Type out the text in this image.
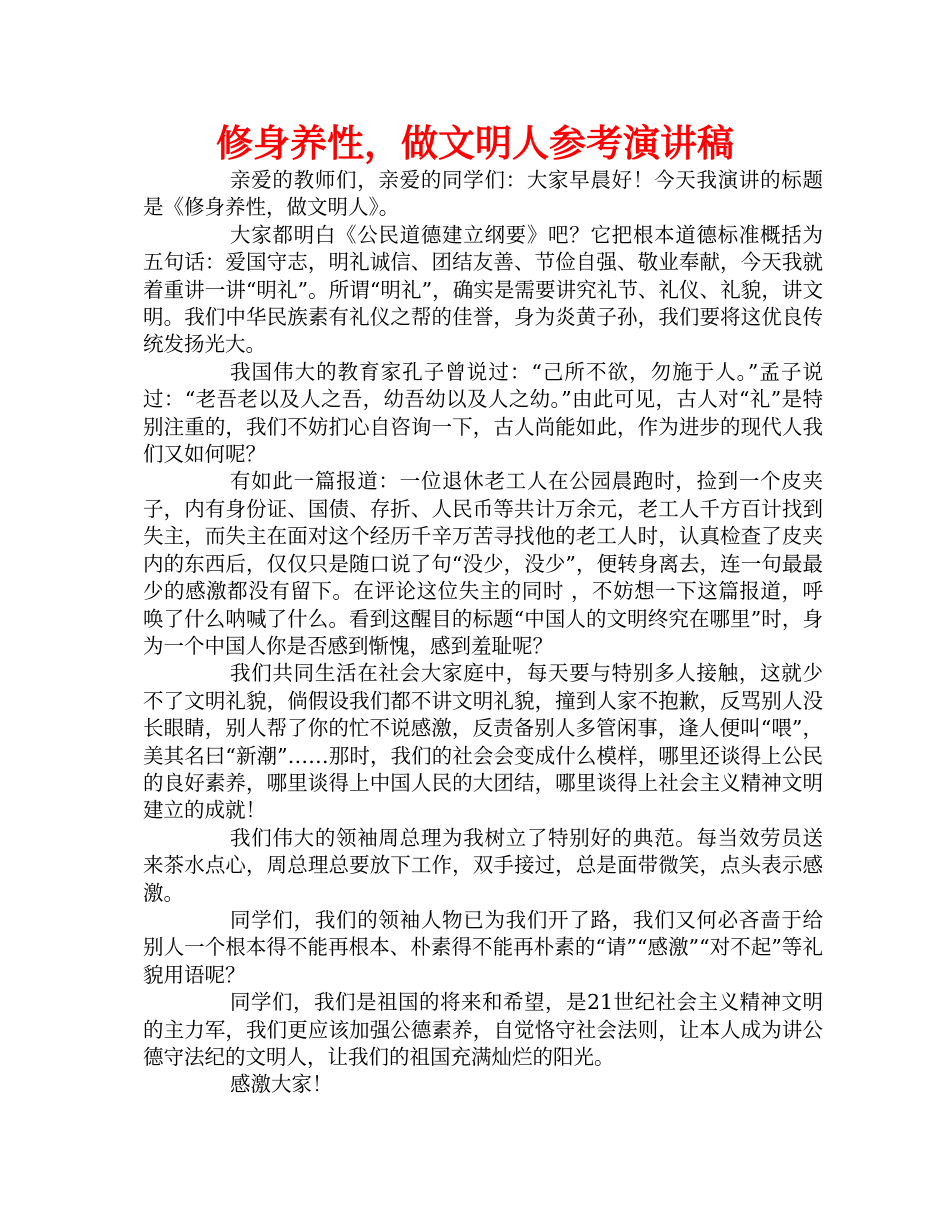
修身养性，做文明人参考演讲稿

亲爱的教师们，亲爱的同学们：大家早晨好！今天我演讲的标题是《修身养性，做文明人》。

大家都明白《公民道德建立纲要》吧？它把根本道德标准概括为五句话：爱国守志，明礼诚信、团结友善、节俭自强、敬业奉献，今天我就着重讲一讲“明礼”。所谓“明礼”，确实是需要讲究礼节、礼仪、礼貌，讲文明。我们中华民族素有礼仪之帮的佳誉，身为炎黄子孙，我们要将这优良传统发扬光大。

我国伟大的教育家孔子曾说过：“己所不欲，勿施于人。”孟子说过：“老吾老以及人之吾，幼吾幼以及人之幼。”由此可见，古人对“礼”是特别注重的，我们不妨扪心自咨询一下，古人尚能如此，作为进步的现代人我们又如何呢？

有如此一篇报道：一位退休老工人在公园晨跑时，捡到一个皮夹子，内有身份证、国债、存折、人民币等共计万余元，老工人千方百计找到失主，而失主在面对这个经历千辛万苦寻找他的老工人时，认真检查了皮夹内的东西后，仅仅只是随口说了句“没少，没少”，便转身离去，连一句最最少的感激都没有留下。在评论这位失主的同时 ，不妨想一下这篇报道，呼唤了什么呐喊了什么。看到这醒目的标题“中国人的文明终究在哪里”时，身为一个中国人你是否感到惭愧，感到羞耻呢？

我们共同生活在社会大家庭中，每天要与特别多人接触，这就少不了文明礼貌，倘假设我们都不讲文明礼貌，撞到人家不抱歉，反骂别人没长眼睛，别人帮了你的忙不说感激，反责备别人多管闲事，逢人便叫“喂”，美其名曰“新潮”……那时，我们的社会会变成什么模样，哪里还谈得上公民的良好素养，哪里谈得上中国人民的大团结，哪里谈得上社会主义精神文明建立的成就！

我们伟大的领袖周总理为我树立了特别好的典范。每当效劳员送来茶水点心，周总理总要放下工作，双手接过，总是面带微笑，点头表示感激。

同学们，我们的领袖人物已为我们开了路，我们又何必吝啬于给别人一个根本得不能再根本、朴素得不能再朴素的“请”“感激”“对不起”等礼貌用语呢？

同学们，我们是祖国的将来和希望，是21世纪社会主义精神文明的主力军，我们更应该加强公德素养，自觉恪守社会法则，让本人成为讲公德守法纪的文明人，让我们的祖国充满灿烂的阳光。

感激大家！
